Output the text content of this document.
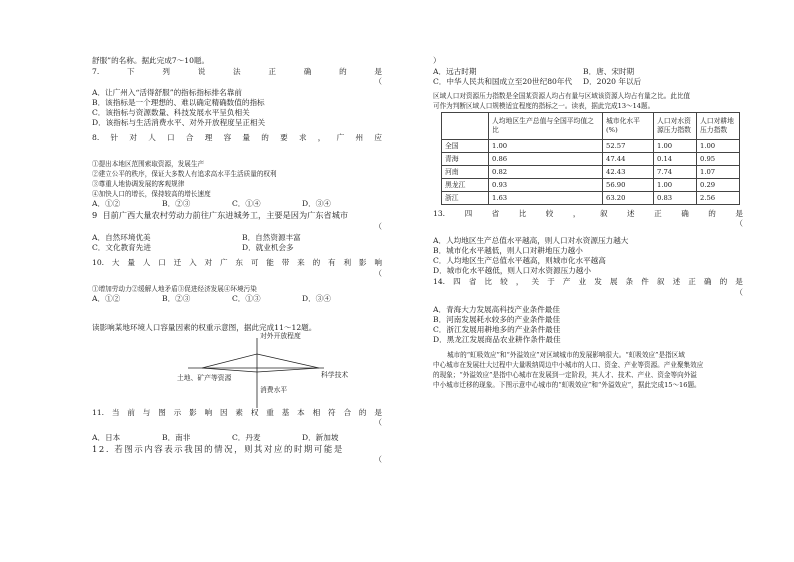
舒服”的名称。据此完成7～10题。
7.	下	列	说	法	正	确	的	是
（
A．让广州入“活得舒服”的指标指标排名靠前
B．该指标是一个理想的、难以确定精确数值的指标
C．该指标与资源数量、科技发展水平呈负相关
D．该指标与生活消费水平、对外开放程度呈正相关
8. 针 对 人 口 合 理 容 量 的 要 求 ， 广 州 应
①提出本地区范围索取资源，发展生产
②建立公平的秩序，保证大多数人有追求高水平生活质量的权利
③尊重人地协调发展的客观规律
④加快人口的增长，保持较高的增长速度
A．①②	B．②③	C．①④	D．③④
9 目前广西大量农村劳动力前往广东进城务工，主要是因为广东省城市
（
A．自然环境优美	B．自然资源丰富
C．文化教育先进	D．就业机会多
10. 大 量 人 口 迁 入 对 广 东 可 能 带 来 的 有 利 影 响
（
①增加劳动力②缓解人地矛盾③促进经济发展④环境污染
A．①②	B．②③	C．①③	D．③④
读影响某地环境人口容量因素的权重示意图，据此完成11～12题。
对外开放程度
科学技术
土地、矿产等资源
消费水平
11. 当 前 与 图 示 影 响 因 素 权 重 基 本 相 符 合 的 是
（
A．日本	B．南非	C．丹麦	D．新加坡
12. 若图示内容表示我国的情况，则其对应的时期可能是
（
）
A．远古时期	B．唐、宋时期
C．中华人民共和国成立至20世纪80年代	D．2020 年以后
区域人口对资源压力指数是全国某资源人均占有量与区域该资源人均占有量之比。此比值
可作为判断区域人口规模适宜程度的指标之一。读表，据此完成13～14题。
	人均地区生产总值与全国平均值之比	城市化水平(%)	人口对水资源压力指数	人口对耕地压力指数
全国	1.00	52.57	1.00	1.00
青海	0.86	47.44	0.14	0.95
河南	0.82	42.43	7.74	1.07
黑龙江	0.93	56.90	1.00	0.29
浙江	1.63	63.20	0.83	2.56
13.	四	省	比	较	，	叙	述	正	确	的	是
（
A．人均地区生产总值水平越高，则人口对水资源压力越大
B．城市化水平越低，则人口对耕地压力越小
C．人均地区生产总值水平越高，则城市化水平越高
D．城市化水平越低，则人口对水资源压力越小
14. 四 省 比 较 ， 关 于 产 业 发 展 条 件 叙 述 正 确 的 是
（
A．青海大力发展高科技产业条件最佳
B．河南发展耗水较多的产业条件最佳
C．浙江发展用耕地多的产业条件最佳
D．黑龙江发展商品农业耕作条件最佳
城市的“虹吸效应”和“外溢效应”对区域城市的发展影响很大。“虹吸效应”是指区域
中心城市在发展壮大过程中大量吸纳周边中小城市的人口、资金、产业等资源。产业聚集效应
的现象；“外溢效应”是指中心城市在发展到一定阶段，其人才、技术、产业、资金等向外溢
中小城市迁移的现象。下图示意中心城市的“虹吸效应”和“外溢效应”，据此完成15～16题。
